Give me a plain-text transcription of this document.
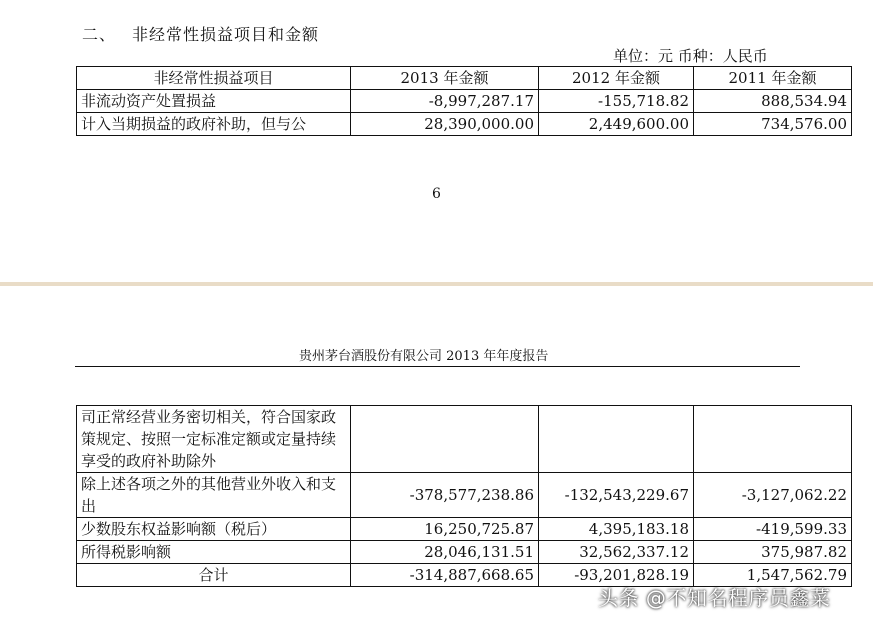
二、 非经常性损益项目和金额
单位：元 币种：人民币
非经常性损益项目	2013 年金额	2012 年金额	2011 年金额
非流动资产处置损益	-8,997,287.17	-155,718.82	888,534.94
计入当期损益的政府补助，但与公	28,390,000.00	2,449,600.00	734,576.00
6
贵州茅台酒股份有限公司 2013 年年度报告
司正常经营业务密切相关，符合国家政策规定、按照一定标准定额或定量持续享受的政府补助除外			
除上述各项之外的其他营业外收入和支出	-378,577,238.86	-132,543,229.67	-3,127,062.22
少数股东权益影响额（税后）	16,250,725.87	4,395,183.18	-419,599.33
所得税影响额	28,046,131.51	32,562,337.12	375,987.82
合计	-314,887,668.65	-93,201,828.19	1,547,562.79
头条 @不知名程序员鑫菜
